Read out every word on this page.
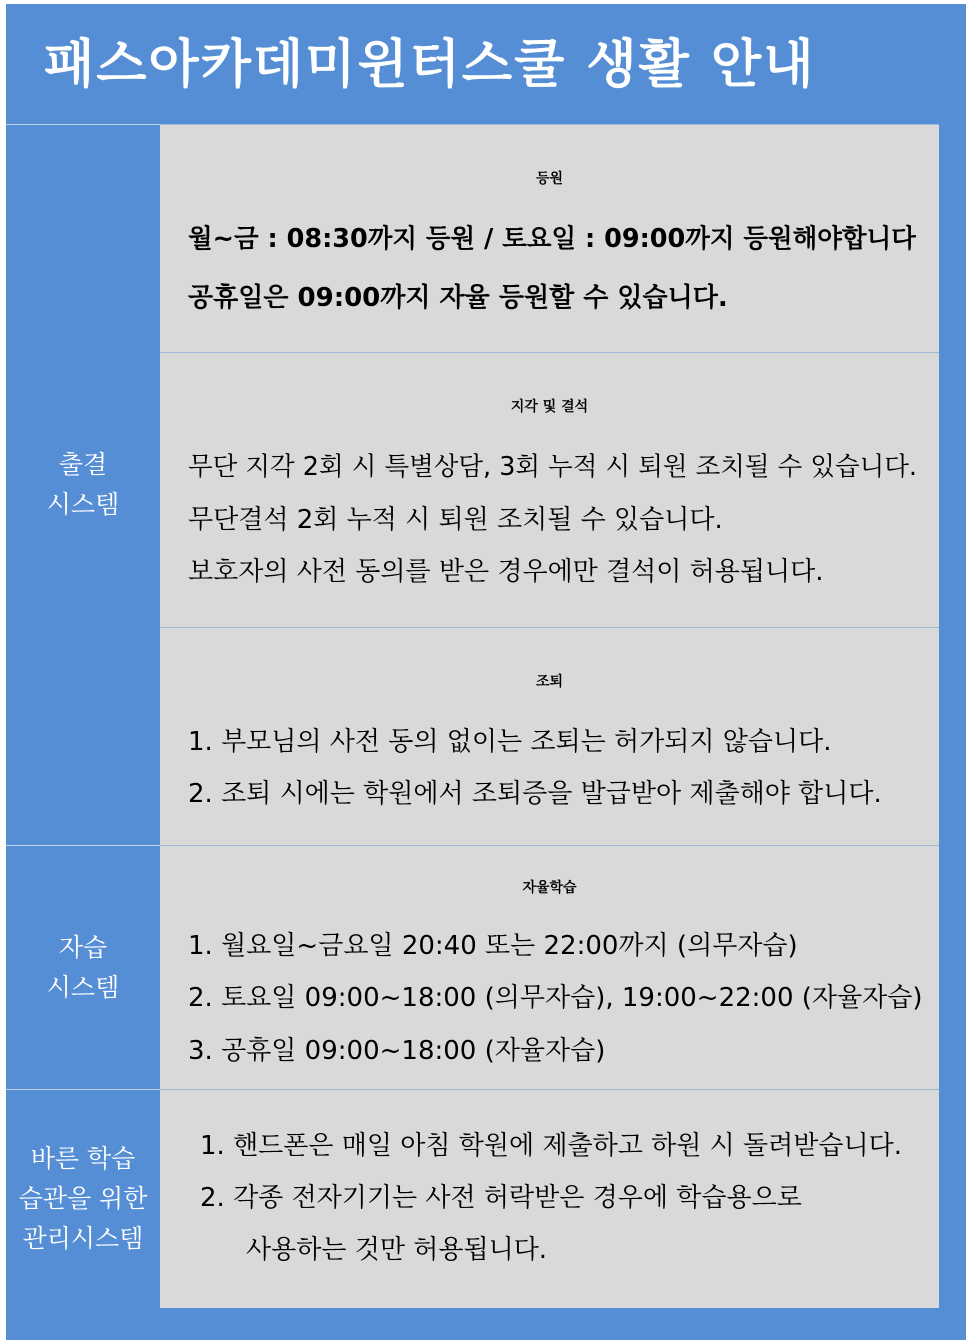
패스아카데미윈터스쿨 생활 안내
출결
시스템
자습
시스템
바른 학습
습관을 위한
관리시스템
등원
월~금 : 08:30까지 등원 / 토요일 : 09:00까지 등원해야합니다
공휴일은 09:00까지 자율 등원할 수 있습니다.
지각 및 결석
무단 지각 2회 시 특별상담, 3회 누적 시 퇴원 조치될 수 있습니다.
무단결석 2회 누적 시 퇴원 조치될 수 있습니다.
보호자의 사전 동의를 받은 경우에만 결석이 허용됩니다.
조퇴
1. 부모님의 사전 동의 없이는 조퇴는 허가되지 않습니다.
2. 조퇴 시에는 학원에서 조퇴증을 발급받아 제출해야 합니다.
자율학습
1. 월요일~금요일 20:40 또는 22:00까지 (의무자습)
2. 토요일 09:00~18:00 (의무자습), 19:00~22:00 (자율자습)
3. 공휴일 09:00~18:00 (자율자습)
1. 핸드폰은 매일 아침 학원에 제출하고 하원 시 돌려받습니다.
2. 각종 전자기기는 사전 허락받은 경우에 학습용으로
사용하는 것만 허용됩니다.
